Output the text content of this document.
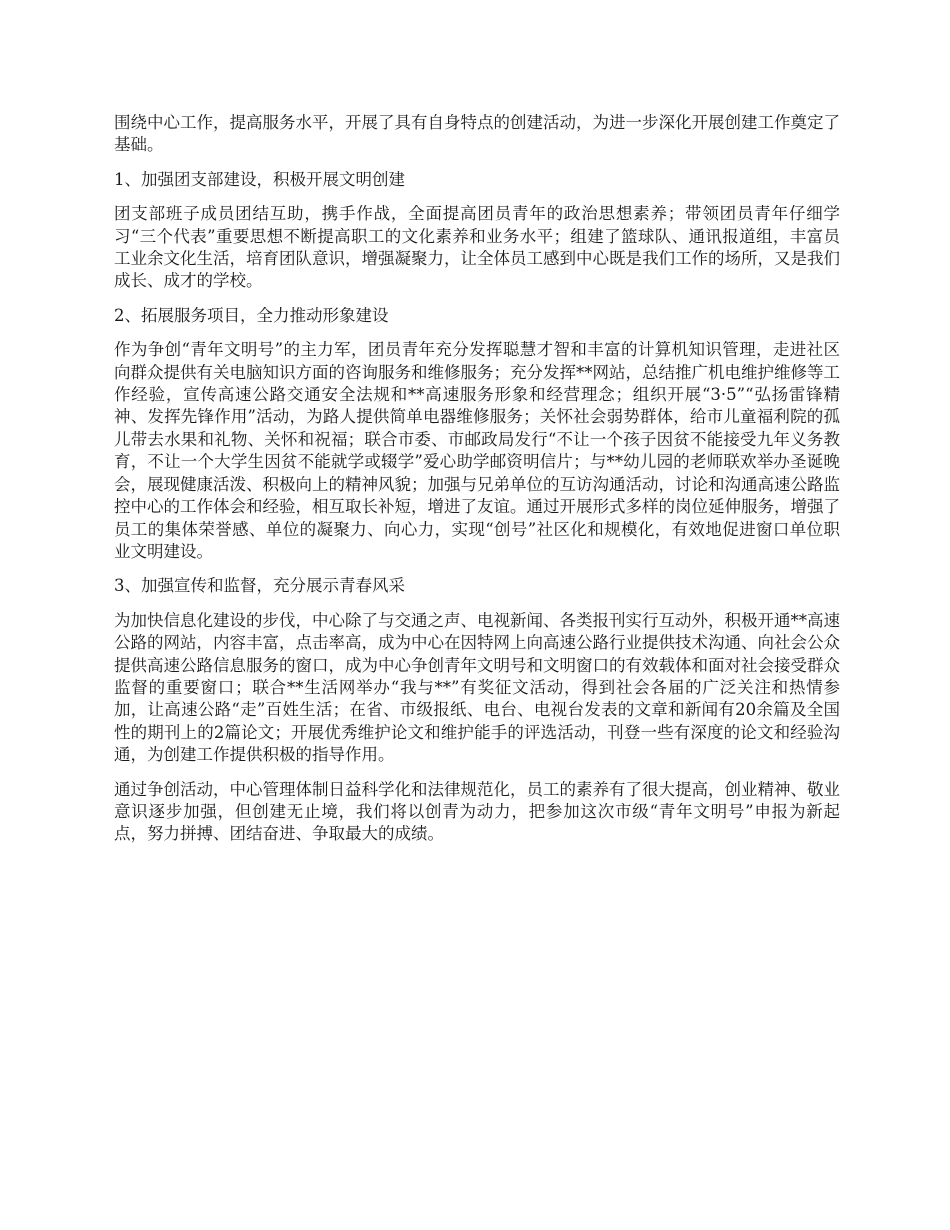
围绕中心工作，提高服务水平，开展了具有自身特点的创建活动，为进一步深化开展创建工作奠定了基础。

1、加强团支部建设，积极开展文明创建

团支部班子成员团结互助，携手作战，全面提高团员青年的政治思想素养；带领团员青年仔细学习“三个代表”重要思想不断提高职工的文化素养和业务水平；组建了篮球队、通讯报道组，丰富员工业余文化生活，培育团队意识，增强凝聚力，让全体员工感到中心既是我们工作的场所，又是我们成长、成才的学校。

2、拓展服务项目，全力推动形象建设

作为争创“青年文明号”的主力军，团员青年充分发挥聪慧才智和丰富的计算机知识管理，走进社区向群众提供有关电脑知识方面的咨询服务和维修服务；充分发挥**网站，总结推广机电维护维修等工作经验，宣传高速公路交通安全法规和**高速服务形象和经营理念；组织开展“3·5”“弘扬雷锋精神、发挥先锋作用”活动，为路人提供简单电器维修服务；关怀社会弱势群体，给市儿童福利院的孤儿带去水果和礼物、关怀和祝福；联合市委、市邮政局发行“不让一个孩子因贫不能接受九年义务教育，不让一个大学生因贫不能就学或辍学”爱心助学邮资明信片；与**幼儿园的老师联欢举办圣诞晚会，展现健康活泼、积极向上的精神风貌；加强与兄弟单位的互访沟通活动，讨论和沟通高速公路监控中心的工作体会和经验，相互取长补短，增进了友谊。通过开展形式多样的岗位延伸服务，增强了员工的集体荣誉感、单位的凝聚力、向心力，实现“创号”社区化和规模化，有效地促进窗口单位职业文明建设。

3、加强宣传和监督，充分展示青春风采

为加快信息化建设的步伐，中心除了与交通之声、电视新闻、各类报刊实行互动外，积极开通**高速公路的网站，内容丰富，点击率高，成为中心在因特网上向高速公路行业提供技术沟通、向社会公众提供高速公路信息服务的窗口，成为中心争创青年文明号和文明窗口的有效载体和面对社会接受群众监督的重要窗口；联合**生活网举办“我与**”有奖征文活动，得到社会各届的广泛关注和热情参加，让高速公路“走”百姓生活；在省、市级报纸、电台、电视台发表的文章和新闻有20余篇及全国性的期刊上的2篇论文；开展优秀维护论文和维护能手的评选活动，刊登一些有深度的论文和经验沟通，为创建工作提供积极的指导作用。

通过争创活动，中心管理体制日益科学化和法律规范化，员工的素养有了很大提高，创业精神、敬业意识逐步加强，但创建无止境，我们将以创青为动力，把参加这次市级“青年文明号”申报为新起点，努力拼搏、团结奋进、争取最大的成绩。
